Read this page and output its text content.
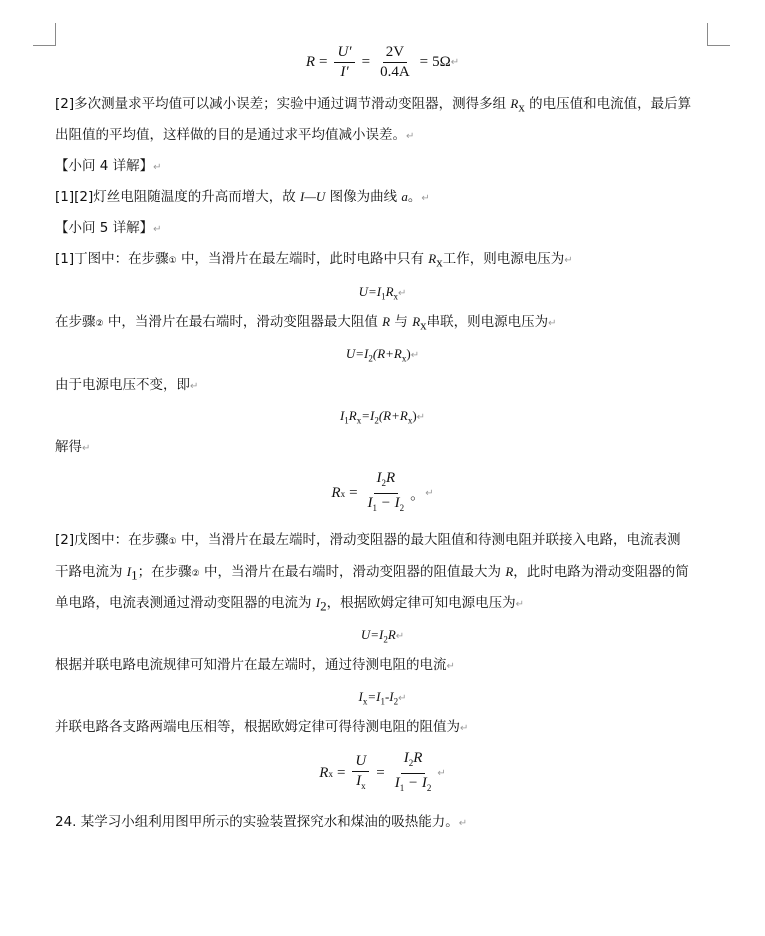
$R = \frac{U'}{I'} = \frac{2V}{0.4A} = 5\Omega$ ↵
[2]多次测量求平均值可以减小误差；实验中通过调节滑动变阻器，测得多组 $R_x$ 的电压值和电流值，最后算
出阻值的平均值，这样做的目的是通过求平均值减小误差。↵
【小问 4 详解】↵
[1][2]灯丝电阻随温度的升高而增大，故 I—U 图像为曲线 a。↵
【小问 5 详解】↵
[1]丁图中：在步骤① 中，当滑片在最左端时，此时电路中只有 $R_x$工作，则电源电压为↵
$U=I_1R_x↵$
在步骤② 中，当滑片在最右端时，滑动变阻器最大阻值 R 与 $R_x$串联，则电源电压为↵
$U=I_2(R+R_x)↵$
由于电源电压不变，即↵
$I_1R_x=I_2(R+R_x)↵$
解得↵
R $x = \frac{I_2R}{I_1 - I_2}$ 。 ↵
[2]戊图中：在步骤① 中，当滑片在最左端时，滑动变阻器的最大阻值和待测电阻并联接入电路，电流表测
干路电流为 $I_1$；在步骤② 中，当滑片在最右端时，滑动变阻器的阻值最大为 R，此时电路为滑动变阻器的简
单电路，电流表测通过滑动变阻器的电流为 $I_2$，根据欧姆定律可知电源电压为↵
$U=I_2R↵$
根据并联电路电流规律可知滑片在最左端时，通过待测电阻的电流↵
$I_x=I_1-I_2↵$
并联电路各支路两端电压相等，根据欧姆定律可得待测电阻的阻值为↵
R $x = \frac{U}{I_x} = \frac{I_2R}{I_1 - I_2}$ ↵
24. 某学习小组利用图甲所示的实验装置探究水和煤油的吸热能力。↵
